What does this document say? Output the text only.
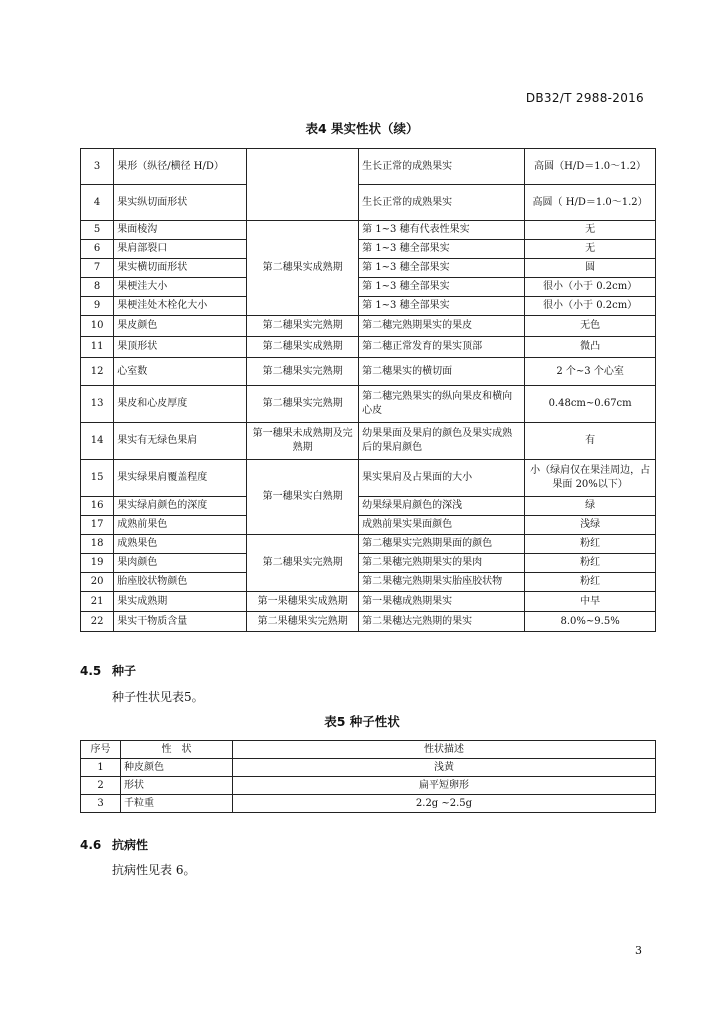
DB32/T 2988-2016
表4 果实性状（续）
3	果形（纵径/横径 H/D）		生长正常的成熟果实	高圆（H/D＝1.0～1.2）
4	果实纵切面形状		生长正常的成熟果实	高圆（ H/D＝1.0～1.2）
5	果面棱沟	第二穗果实成熟期	第 1~3 穗有代表性果实	无
6	果肩部裂口		第 1~3 穗全部果实	无
7	果实横切面形状		第 1~3 穗全部果实	圆
8	果梗洼大小		第 1~3 穗全部果实	很小（小于 0.2cm）
9	果梗洼处木栓化大小		第 1~3 穗全部果实	很小（小于 0.2cm）
10	果皮颜色	第二穗果实完熟期	第二穗完熟期果实的果皮	无色
11	果顶形状	第二穗果实成熟期	第二穗正常发育的果实顶部	微凸
12	心室数	第二穗果实完熟期	第二穗果实的横切面	2 个~3 个心室
13	果皮和心皮厚度	第二穗果实完熟期	第二穗完熟果实的纵向果皮和横向心皮	0.48cm~0.67cm
14	果实有无绿色果肩	第一穗果未成熟期及完熟期	幼果果面及果肩的颜色及果实成熟后的果肩颜色	有
15	果实绿果肩覆盖程度	第一穗果实白熟期	果实果肩及占果面的大小	小（绿肩仅在果洼周边，占果面 20%以下）
16	果实绿肩颜色的深度		幼果绿果肩颜色的深浅	绿
17	成熟前果色		成熟前果实果面颜色	浅绿
18	成熟果色	第二穗果实完熟期	第二穗果实完熟期果面的颜色	粉红
19	果肉颜色		第二果穗完熟期果实的果肉	粉红
20	胎座胶状物颜色		第二果穗完熟期果实胎座胶状物	粉红
21	果实成熟期	第一果穗果实成熟期	第一果穗成熟期果实	中早
22	果实干物质含量	第二果穗果实完熟期	第二果穗达完熟期的果实	8.0%~9.5%
4.5 种子
种子性状见表5。
表5 种子性状
序号	性　状	性状描述
1	种皮颜色	浅黄
2	形状	扁平短卵形
3	千粒重	2.2g ~2.5g
4.6 抗病性
抗病性见表 6。
3
